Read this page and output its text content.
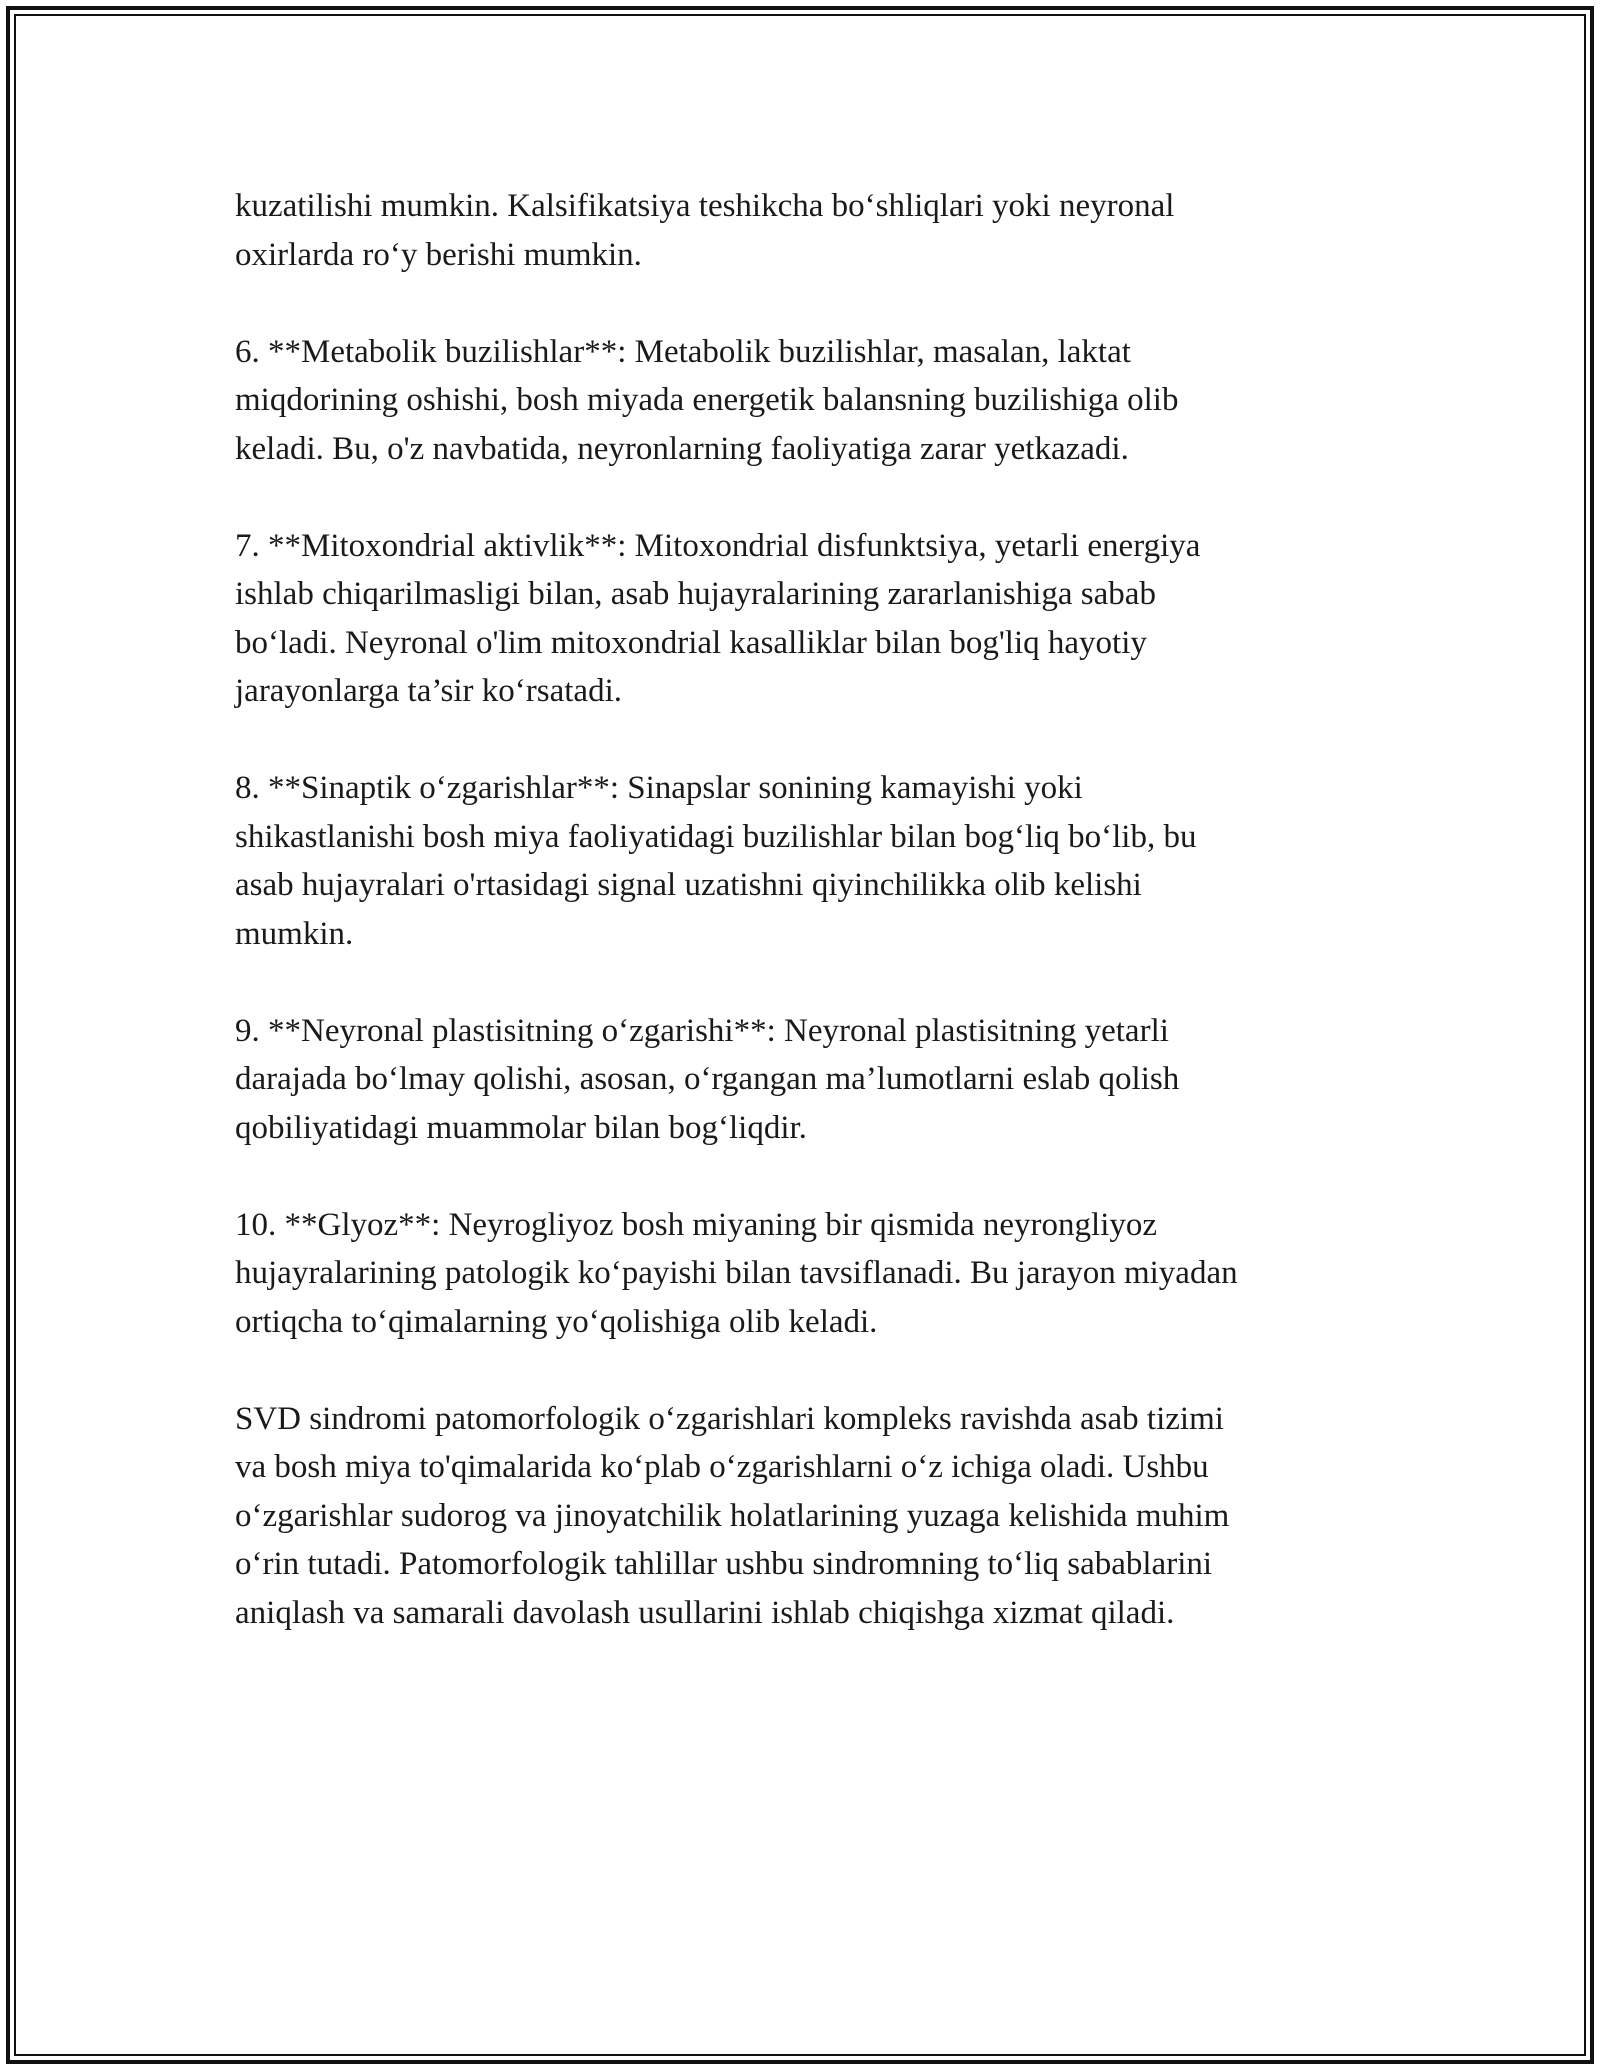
kuzatilishi mumkin. Kalsifikatsiya teshikcha bo‘shliqlari yoki neyronal
oxirlarda ro‘y berishi mumkin.

6. **Metabolik buzilishlar**: Metabolik buzilishlar, masalan, laktat
miqdorining oshishi, bosh miyada energetik balansning buzilishiga olib
keladi. Bu, o'z navbatida, neyronlarning faoliyatiga zarar yetkazadi.

7. **Mitoxondrial aktivlik**: Mitoxondrial disfunktsiya, yetarli energiya
ishlab chiqarilmasligi bilan, asab hujayralarining zararlanishiga sabab
bo‘ladi. Neyronal o'lim mitoxondrial kasalliklar bilan bog'liq hayotiy
jarayonlarga ta’sir ko‘rsatadi.

8. **Sinaptik o‘zgarishlar**: Sinapslar sonining kamayishi yoki
shikastlanishi bosh miya faoliyatidagi buzilishlar bilan bog‘liq bo‘lib, bu
asab hujayralari o'rtasidagi signal uzatishni qiyinchilikka olib kelishi
mumkin.

9. **Neyronal plastisitning o‘zgarishi**: Neyronal plastisitning yetarli
darajada bo‘lmay qolishi, asosan, o‘rgangan ma’lumotlarni eslab qolish
qobiliyatidagi muammolar bilan bog‘liqdir.

10. **Glyoz**: Neyrogliyoz bosh miyaning bir qismida neyrongliyoz
hujayralarining patologik ko‘payishi bilan tavsiflanadi. Bu jarayon miyadan
ortiqcha to‘qimalarning yo‘qolishiga olib keladi.

SVD sindromi patomorfologik o‘zgarishlari kompleks ravishda asab tizimi
va bosh miya to'qimalarida ko‘plab o‘zgarishlarni o‘z ichiga oladi. Ushbu
o‘zgarishlar sudorog va jinoyatchilik holatlarining yuzaga kelishida muhim
o‘rin tutadi. Patomorfologik tahlillar ushbu sindromning to‘liq sabablarini
aniqlash va samarali davolash usullarini ishlab chiqishga xizmat qiladi.
